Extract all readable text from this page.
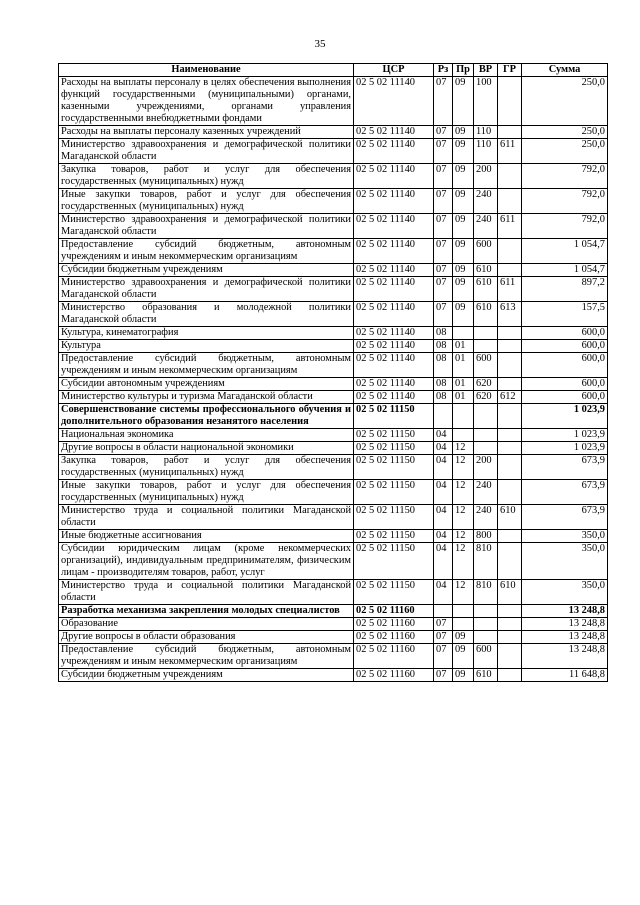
35
Наименование	ЦСР	Рз	Пр	ВР	ГР	Сумма
Расходы на выплаты персоналу в целях обеспечения выполнения функций государственными (муниципальными) органами, казенными учреждениями, органами управления государственными внебюджетными фондами	02 5 02 11140	07	09	100		250,0
Расходы на выплаты персоналу казенных учреждений	02 5 02 11140	07	09	110		250,0
Министерство здравоохранения и демографической политики Магаданской области	02 5 02 11140	07	09	110	611	250,0
Закупка товаров, работ и услуг для обеспечения государственных (муниципальных) нужд	02 5 02 11140	07	09	200		792,0
Иные закупки товаров, работ и услуг для обеспечения государственных (муниципальных) нужд	02 5 02 11140	07	09	240		792,0
Министерство здравоохранения и демографической политики Магаданской области	02 5 02 11140	07	09	240	611	792,0
Предоставление субсидий бюджетным, автономным учреждениям и иным некоммерческим организациям	02 5 02 11140	07	09	600		1 054,7
Субсидии бюджетным учреждениям	02 5 02 11140	07	09	610		1 054,7
Министерство здравоохранения и демографической политики Магаданской области	02 5 02 11140	07	09	610	611	897,2
Министерство образования и молодежной политики Магаданской области	02 5 02 11140	07	09	610	613	157,5
Культура, кинематография	02 5 02 11140	08				600,0
Культура	02 5 02 11140	08	01			600,0
Предоставление субсидий бюджетным, автономным учреждениям и иным некоммерческим организациям	02 5 02 11140	08	01	600		600,0
Субсидии автономным учреждениям	02 5 02 11140	08	01	620		600,0
Министерство культуры и туризма Магаданской области	02 5 02 11140	08	01	620	612	600,0
Совершенствование системы профессионального обучения и дополнительного образования незанятого населения	02 5 02 11150					1 023,9
Национальная экономика	02 5 02 11150	04				1 023,9
Другие вопросы в области национальной экономики	02 5 02 11150	04	12			1 023,9
Закупка товаров, работ и услуг для обеспечения государственных (муниципальных) нужд	02 5 02 11150	04	12	200		673,9
Иные закупки товаров, работ и услуг для обеспечения государственных (муниципальных) нужд	02 5 02 11150	04	12	240		673,9
Министерство труда и социальной политики Магаданской области	02 5 02 11150	04	12	240	610	673,9
Иные бюджетные ассигнования	02 5 02 11150	04	12	800		350,0
Субсидии юридическим лицам (кроме некоммерческих организаций), индивидуальным предпринимателям, физическим лицам - производителям товаров, работ, услуг	02 5 02 11150	04	12	810		350,0
Министерство труда и социальной политики Магаданской области	02 5 02 11150	04	12	810	610	350,0
Разработка механизма закрепления молодых специалистов	02 5 02 11160					13 248,8
Образование	02 5 02 11160	07				13 248,8
Другие вопросы в области образования	02 5 02 11160	07	09			13 248,8
Предоставление субсидий бюджетным, автономным учреждениям и иным некоммерческим организациям	02 5 02 11160	07	09	600		13 248,8
Субсидии бюджетным учреждениям	02 5 02 11160	07	09	610		11 648,8
